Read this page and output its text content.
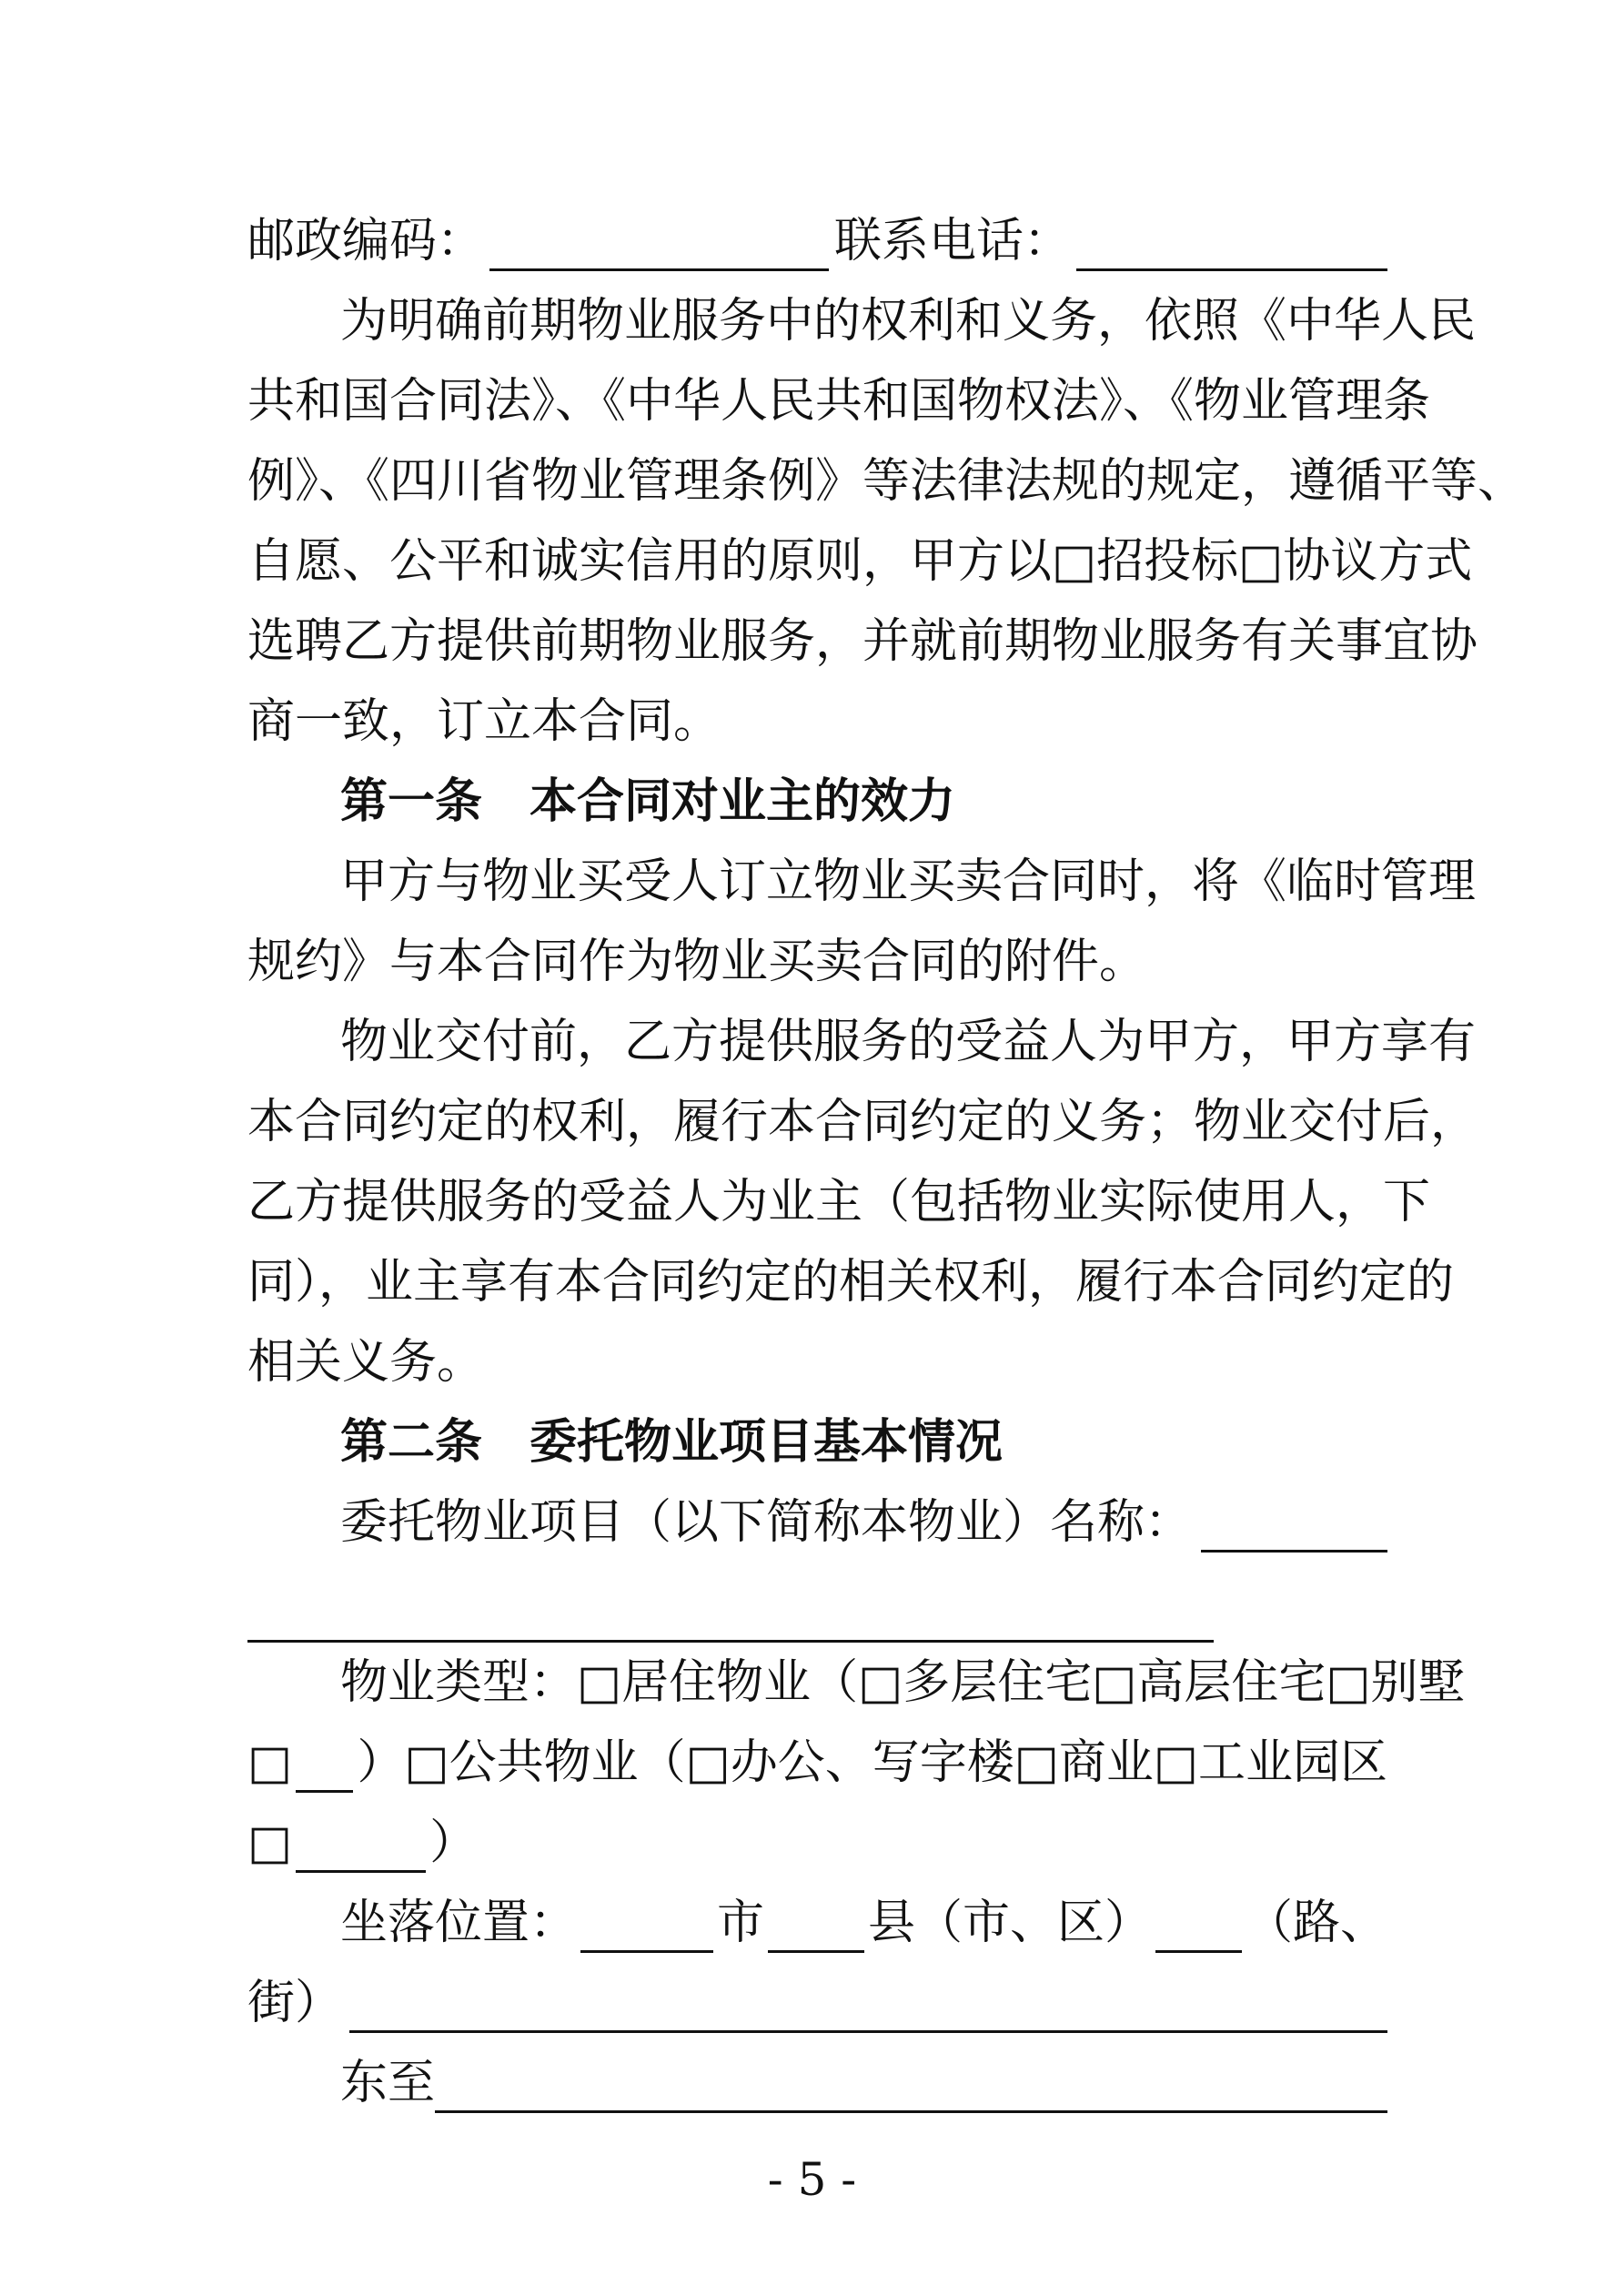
邮政编码：	联系电话：
为明确前期物业服务中的权利和义务，依照《中华人民
共和国合同法》、《中华人民共和国物权法》、《物业管理条
例》、《四川省物业管理条例》等法律法规的规定，遵循平等、
自愿、公平和诚实信用的原则，甲方以□招投标□协议方式
选聘乙方提供前期物业服务，并就前期物业服务有关事宜协
商一致，订立本合同。
第一条 本合同对业主的效力
甲方与物业买受人订立物业买卖合同时，将《临时管理
规约》与本合同作为物业买卖合同的附件。
物业交付前，乙方提供服务的受益人为甲方，甲方享有
本合同约定的权利，履行本合同约定的义务；物业交付后，
乙方提供服务的受益人为业主（包括物业实际使用人，下
同），业主享有本合同约定的相关权利，履行本合同约定的
相关义务。
第二条 委托物业项目基本情况
委托物业项目（以下简称本物业）名称：
物业类型：□居住物业（□多层住宅□高层住宅□别墅
□ ）□公共物业（□办公、写字楼□商业□工业园区
□	）
坐落位置：	市 县（市、区） （路、
街）
东至
- 5 -
